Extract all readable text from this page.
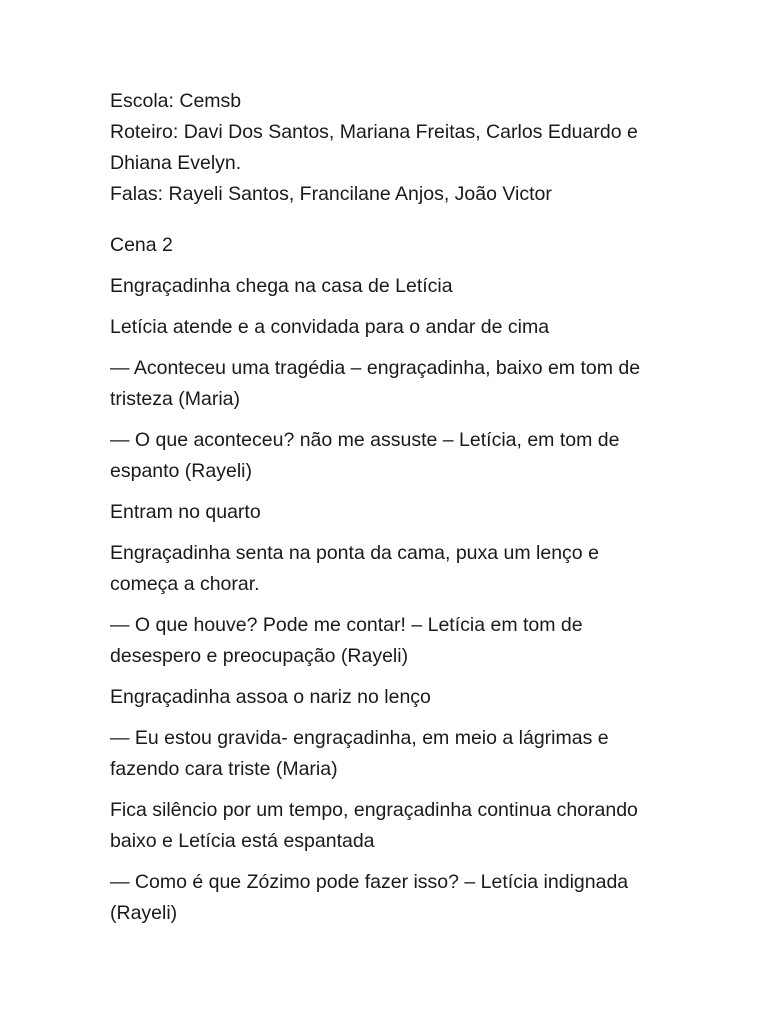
Escola: Cemsb

Roteiro: Davi Dos Santos, Mariana Freitas, Carlos Eduardo e Dhiana Evelyn.

Falas: Rayeli Santos, Francilane Anjos, João Victor

Cena 2

Engraçadinha chega na casa de Letícia

Letícia atende e a convidada para o andar de cima

— Aconteceu uma tragédia – engraçadinha, baixo em tom de tristeza (Maria)

— O que aconteceu? não me assuste – Letícia, em tom de espanto (Rayeli)

Entram no quarto

Engraçadinha senta na ponta da cama, puxa um lenço e começa a chorar.

— O que houve? Pode me contar! – Letícia em tom de desespero e preocupação (Rayeli)

Engraçadinha assoa o nariz no lenço

— Eu estou gravida- engraçadinha, em meio a lágrimas e fazendo cara triste (Maria)

Fica silêncio por um tempo, engraçadinha continua chorando baixo e Letícia está espantada

— Como é que Zózimo pode fazer isso? – Letícia indignada (Rayeli)
